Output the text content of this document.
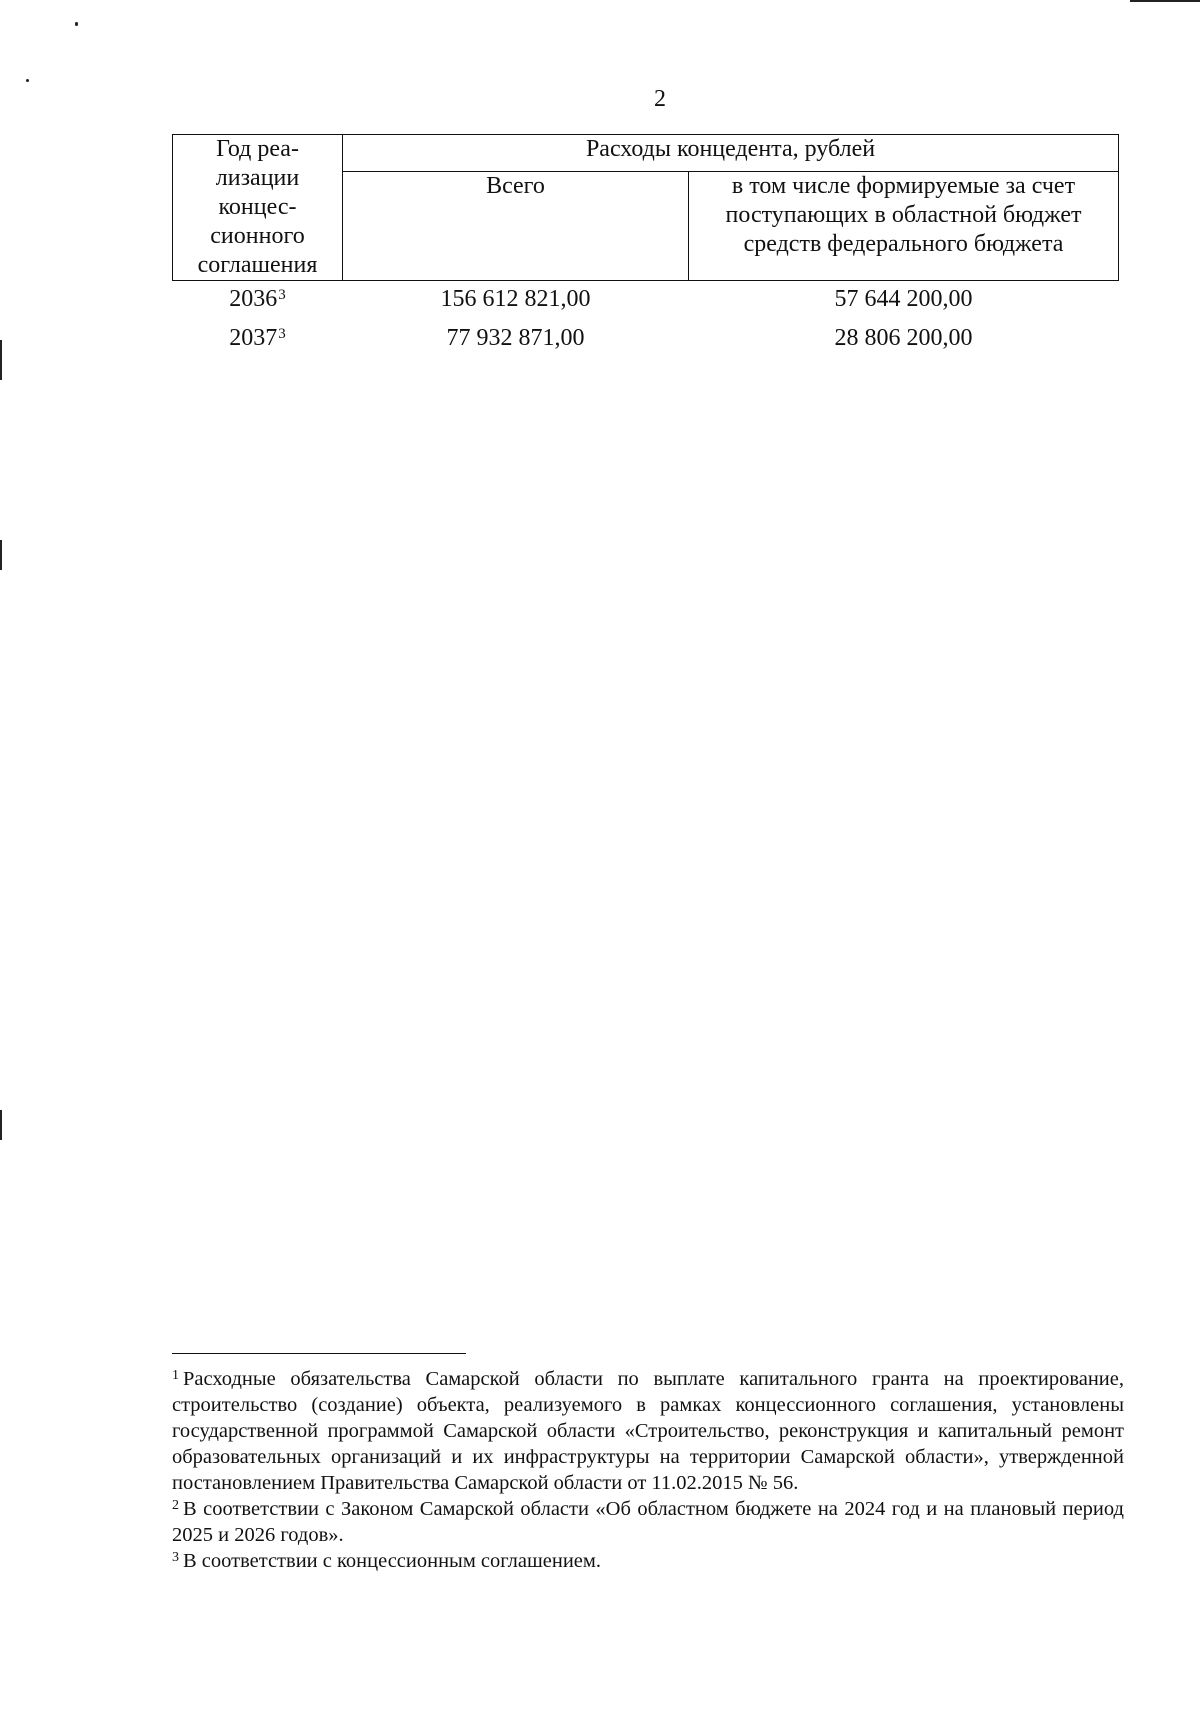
2
Год реа-
лизации
концес-
сионного
соглашения	Расходы концедента, рублей	
	Всего	в том числе формируемые за счет поступающих в областной бюджет средств федерального бюджета
2036$^3$	156 612 821,00	57 644 200,00
2037$^3$	77 932 871,00	28 806 200,00

$^1$ Расходные обязательства Самарской области по выплате капитального гранта на проектирование, строительство (создание) объекта, реализуемого в рамках концессионного соглашения, установлены государственной программой Самарской области «Строительство, реконструкция и капитальный ремонт образовательных организаций и их инфраструктуры на территории Самарской области», утвержденной постановлением Правительства Самарской области от 11.02.2015 № 56.

$^2$ В соответствии с Законом Самарской области «Об областном бюджете на 2024 год и на плановый период 2025 и 2026 годов».

$^3$ В соответствии с концессионным соглашением.
